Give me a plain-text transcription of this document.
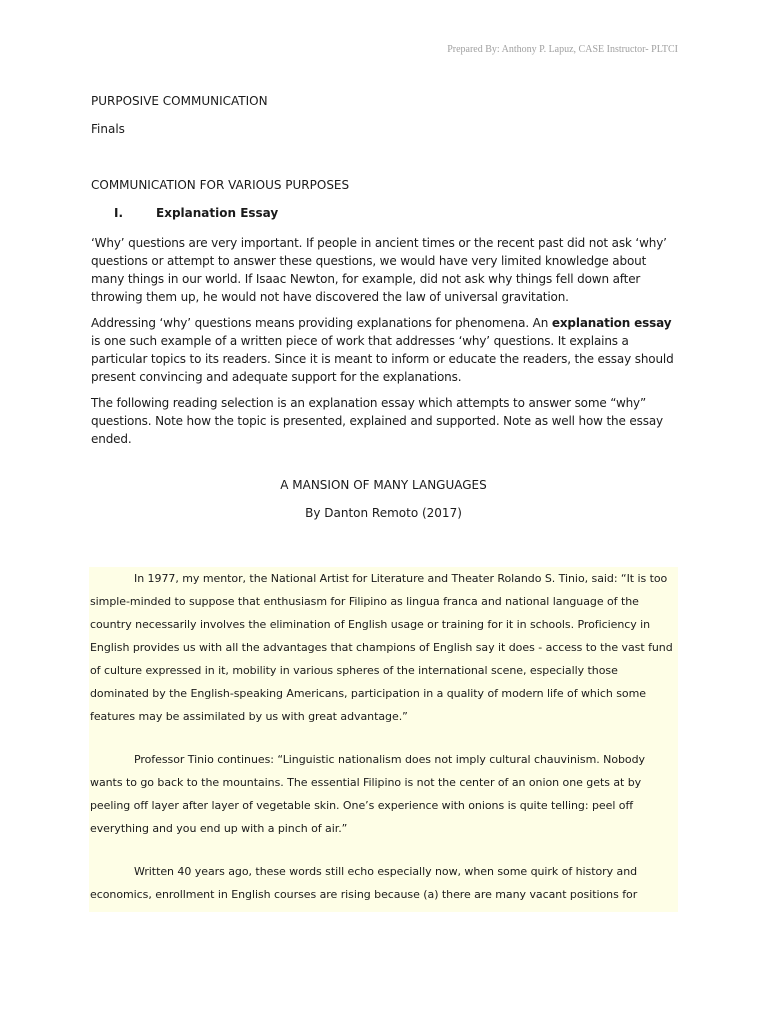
Prepared By: Anthony P. Lapuz, CASE Instructor- PLTCI

PURPOSIVE COMMUNICATION

Finals

COMMUNICATION FOR VARIOUS PURPOSES

I.	Explanation Essay

‘Why’ questions are very important. If people in ancient times or the recent past did not ask ‘why’ questions or attempt to answer these questions, we would have very limited knowledge about many things in our world. If Isaac Newton, for example, did not ask why things fell down after throwing them up, he would not have discovered the law of universal gravitation.

Addressing ‘why’ questions means providing explanations for phenomena. An explanation essay is one such example of a written piece of work that addresses ‘why’ questions. It explains a particular topics to its readers. Since it is meant to inform or educate the readers, the essay should present convincing and adequate support for the explanations.

The following reading selection is an explanation essay which attempts to answer some “why” questions. Note how the topic is presented, explained and supported. Note as well how the essay ended.

A MANSION OF MANY LANGUAGES

By Danton Remoto (2017)

In 1977, my mentor, the National Artist for Literature and Theater Rolando S. Tinio, said: “It is too simple-minded to suppose that enthusiasm for Filipino as lingua franca and national language of the country necessarily involves the elimination of English usage or training for it in schools. Proficiency in English provides us with all the advantages that champions of English say it does - access to the vast fund of culture expressed in it, mobility in various spheres of the international scene, especially those dominated by the English-speaking Americans, participation in a quality of modern life of which some features may be assimilated by us with great advantage.”

Professor Tinio continues: “Linguistic nationalism does not imply cultural chauvinism. Nobody wants to go back to the mountains. The essential Filipino is not the center of an onion one gets at by peeling off layer after layer of vegetable skin. One’s experience with onions is quite telling: peel off everything and you end up with a pinch of air.”

Written 40 years ago, these words still echo especially now, when some quirk of history and economics, enrollment in English courses are rising because (a) there are many vacant positions for
